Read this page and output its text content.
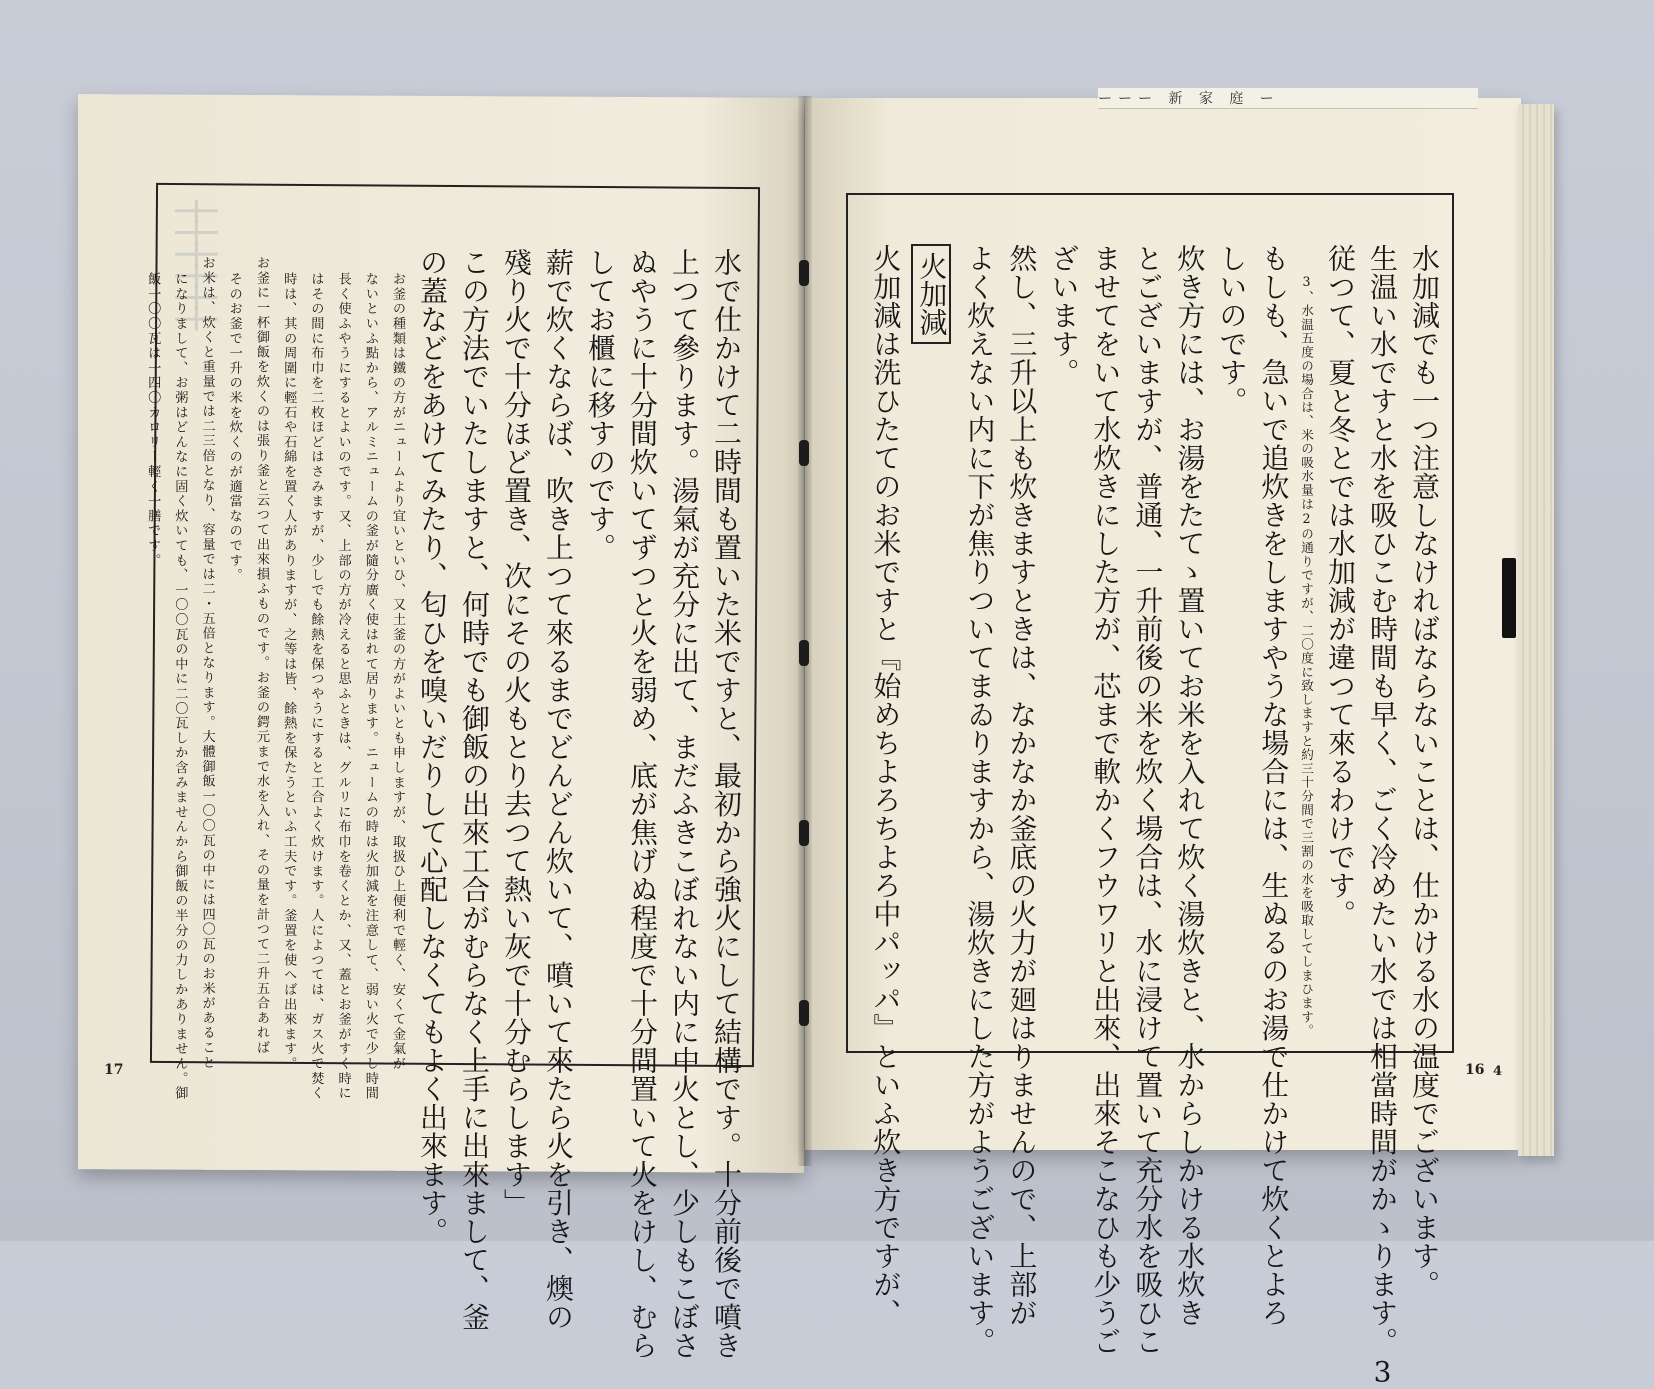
ーーー 新 家 庭 ー
┼┼┼┼┼┼	水で仕かけて二時間も置いた米ですと、最初から強火にして結構です。十分前後で噴き
上つて參ります。湯氣が充分に出て、まだふきこぼれない内に中火とし、少しもこぼさ
ぬやうに十分間炊いてずつと火を弱め、底が焦げぬ程度で十分間置いて火をけし、むら
してお櫃に移すのです。
薪で炊くならば、吹き上つて來るまでどんどん炊いて、噴いて來たら火を引き、燠の
殘り火で十分ほど置き、次にその火もとり去つて熱い灰で十分むらします」
この方法でいたしますと、何時でも御飯の出來工合がむらなく上手に出來まして、釜
の蓋などをあけてみたり、匂ひを嗅いだりして心配しなくてもよく出來ます。
お釜の種類は鐵の方がニュームより宜いといひ、又土釜の方がよいとも申しますが、取扱ひ上便利で輕く、安くて金氣が
ないといふ點から、アルミニュームの釜が隨分廣く使はれて居ります。ニュームの時は火加減を注意して、弱い火で少し時間
長く使ふやうにするとよいのです。又、上部の方が冷えると思ふときは、グルリに布巾を卷くとか、又、蓋とお釜がすく時に
はその間に布巾を二枚ほどはさみますが、少しでも餘熱を保つやうにすると工合よく炊けます。人によつては、ガス火で焚く
時は、其の周圍に輕石や石綿を置く人がありますが、之等は皆、餘熱を保たうといふ工夫です。釜置を使へば出來ます。
お釜に一杯御飯を炊くのは張り釜と云つて出來損ふものです。お釜の鍔元まで水を入れ、その量を計つて二升五合あれば
そのお釜で一升の米を炊くのが適當なのです。
お米は、炊くと重量では二三倍となり、容量では二・五倍となります。大體御飯一〇〇瓦の中には四〇瓦のお米があること
になりまして、お粥はどんなに固く炊いても、一〇〇瓦の中に二〇瓦しか含みませんから御飯の半分の力しかありません。御
飯一〇〇瓦は一四〇カロリー輕く一膳です。
17	水加減でも一つ注意しなければならないことは、仕かける水の温度でございます。
生温い水ですと水を吸ひこむ時間も早く、ごく冷めたい水では相當時間がかゝります。3
従つて、夏と冬とでは水加減が違つて來るわけです。
3、水温五度の場合は、米の吸水量は2の通りですが、二〇度に致しますと約三十分間で三割の水を吸取してしまひます。
もしも、急いで追炊きをしますやうな場合には、生ぬるのお湯で仕かけて炊くとよろ
しいのです。
炊き方には、お湯をたてゝ置いてお米を入れて炊く湯炊きと、水からしかける水炊き
とございますが、普通、一升前後の米を炊く場合は、水に浸けて置いて充分水を吸ひこ
ませてをいて水炊きにした方が、芯まで軟かくフウワリと出來、出來そこなひも少うご
ざいます。
然し、三升以上も炊きますときは、なかなか釜底の火力が廻はりませんので、上部が
よく炊えない内に下が焦りついてまゐりますから、湯炊きにした方がようございます。
火加減
火加減は洗ひたてのお米ですと『始めちよろちよろ中パッパ』といふ炊き方ですが、	16 4
